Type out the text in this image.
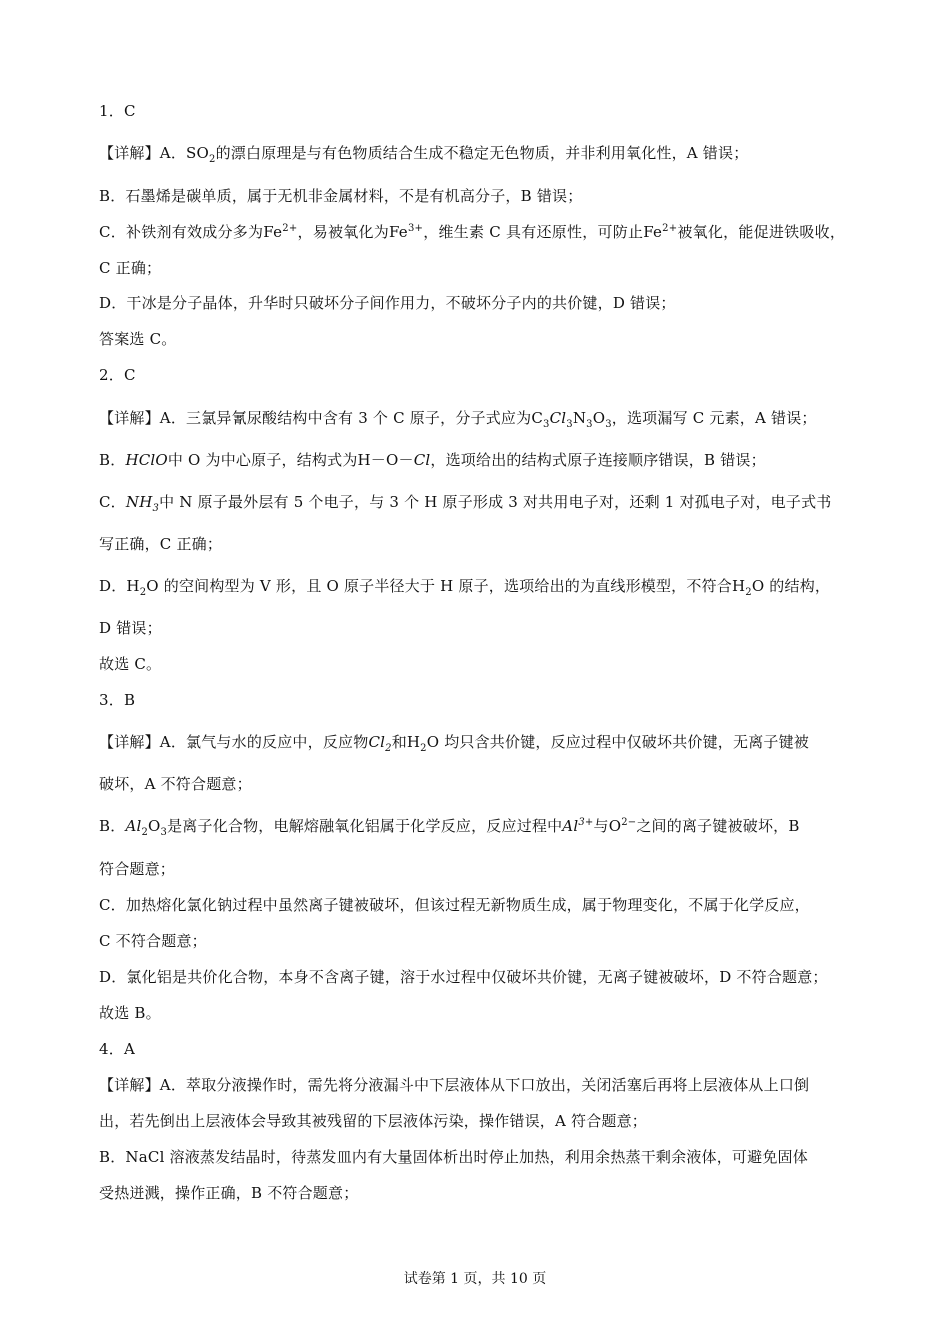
1．C
【详解】A．$SO_2$的漂白原理是与有色物质结合生成不稳定无色物质，并非利用氧化性，A 错误；
B．石墨烯是碳单质，属于无机非金属材料，不是有机高分子，B 错误；
C．补铁剂有效成分多为$Fe^{2+}$，易被氧化为$Fe^{3+}$，维生素 C 具有还原性，可防止$Fe^{2+}$被氧化，能促进铁吸收，
C 正确；
D．干冰是分子晶体，升华时只破坏分子间作用力，不破坏分子内的共价键，D 错误；
答案选 C。
2．C
【详解】A．三氯异氰尿酸结构中含有 3 个 C 原子，分子式应为$C_3Cl_3N_3O_3$，选项漏写 C 元素，A 错误；
B．HClO中 O 为中心原子，结构式为H－O－Cl，选项给出的结构式原子连接顺序错误，B 错误；
C．$NH_3$中 N 原子最外层有 5 个电子，与 3 个 H 原子形成 3 对共用电子对，还剩 1 对孤电子对，电子式书
写正确，C 正确；
D．$H_2O$ 的空间构型为 V 形，且 O 原子半径大于 H 原子，选项给出的为直线形模型，不符合$H_2O$ 的结构，
D 错误；
故选 C。
3．B
【详解】A．氯气与水的反应中，反应物$Cl_2$和$H_2O$ 均只含共价键，反应过程中仅破坏共价键，无离子键被
破坏，A 不符合题意；
B．$Al_2O_3$是离子化合物，电解熔融氧化铝属于化学反应，反应过程中$Al^{3+}$与$O^{2-}$之间的离子键被破坏，B
符合题意；
C．加热熔化氯化钠过程中虽然离子键被破坏，但该过程无新物质生成，属于物理变化，不属于化学反应，
C 不符合题意；
D．氯化铝是共价化合物，本身不含离子键，溶于水过程中仅破坏共价键，无离子键被破坏，D 不符合题意；
故选 B。
4．A
【详解】A．萃取分液操作时，需先将分液漏斗中下层液体从下口放出，关闭活塞后再将上层液体从上口倒
出，若先倒出上层液体会导致其被残留的下层液体污染，操作错误，A 符合题意；
B．NaCl 溶液蒸发结晶时，待蒸发皿内有大量固体析出时停止加热，利用余热蒸干剩余液体，可避免固体
受热迸溅，操作正确，B 不符合题意；
试卷第 1 页，共 10 页
